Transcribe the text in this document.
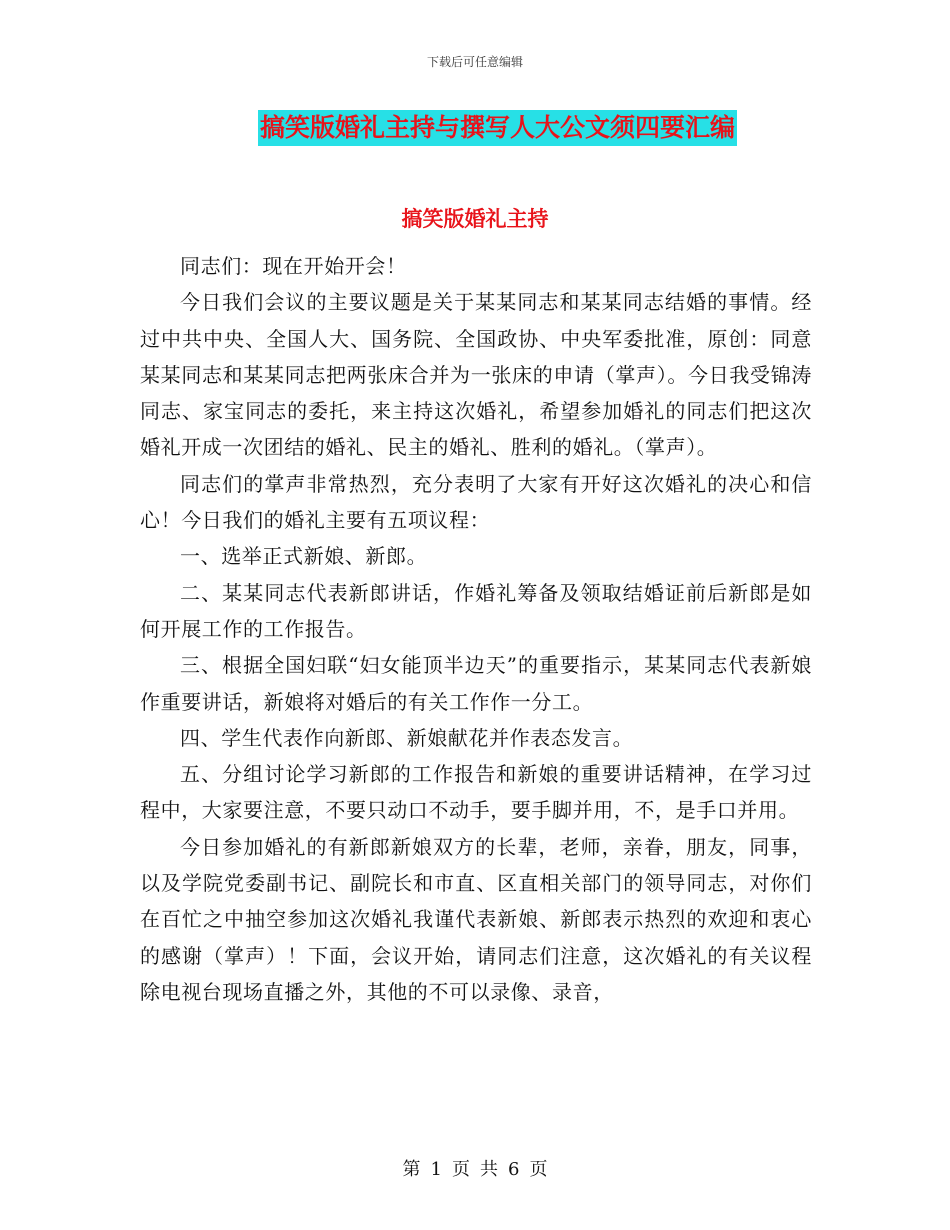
下载后可任意编辑
搞笑版婚礼主持与撰写人大公文须四要汇编
搞笑版婚礼主持

同志们：现在开始开会！

今日我们会议的主要议题是关于某某同志和某某同志结婚的事情。经过中共中央、全国人大、国务院、全国政协、中央军委批准，原创：同意某某同志和某某同志把两张床合并为一张床的申请（掌声）。今日我受锦涛同志、家宝同志的委托，来主持这次婚礼，希望参加婚礼的同志们把这次婚礼开成一次团结的婚礼、民主的婚礼、胜利的婚礼。（掌声）。

同志们的掌声非常热烈，充分表明了大家有开好这次婚礼的决心和信心！今日我们的婚礼主要有五项议程：

一、选举正式新娘、新郎。

二、某某同志代表新郎讲话，作婚礼筹备及领取结婚证前后新郎是如何开展工作的工作报告。

三、根据全国妇联“妇女能顶半边天”的重要指示，某某同志代表新娘作重要讲话，新娘将对婚后的有关工作作一分工。

四、学生代表作向新郎、新娘献花并作表态发言。

五、分组讨论学习新郎的工作报告和新娘的重要讲话精神，在学习过程中，大家要注意，不要只动口不动手，要手脚并用，不，是手口并用。

今日参加婚礼的有新郎新娘双方的长辈，老师，亲眷，朋友，同事，以及学院党委副书记、副院长和市直、区直相关部门的领导同志，对你们在百忙之中抽空参加这次婚礼我谨代表新娘、新郎表示热烈的欢迎和衷心的感谢（掌声）！下面，会议开始，请同志们注意，这次婚礼的有关议程除电视台现场直播之外，其他的不可以录像、录音，

第 1 页 共 6 页
